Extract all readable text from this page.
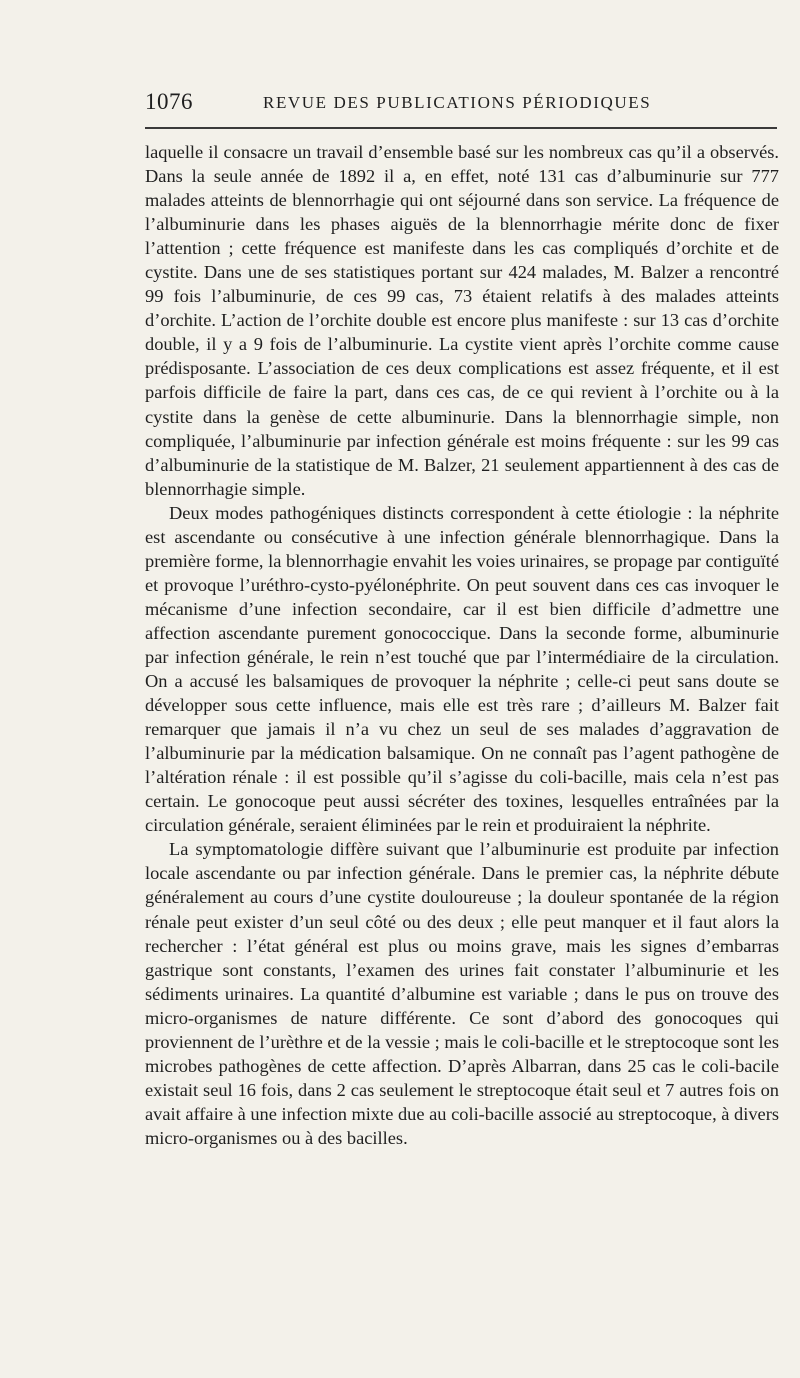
1076	REVUE DES PUBLICATIONS PÉRIODIQUES

laquelle il consacre un travail d’ensemble basé sur les nombreux cas qu’il a observés. Dans la seule année de 1892 il a, en effet, noté 131 cas d’albuminurie sur 777 malades atteints de blennorrhagie qui ont séjourné dans son service. La fréquence de l’albuminurie dans les phases aiguës de la blennorrhagie mérite donc de fixer l’attention ; cette fréquence est manifeste dans les cas compliqués d’orchite et de cystite. Dans une de ses statistiques portant sur 424 malades, M. Balzer a rencontré 99 fois l’albuminurie, de ces 99 cas, 73 étaient relatifs à des malades atteints d’orchite. L’action de l’orchite double est encore plus manifeste : sur 13 cas d’orchite double, il y a 9 fois de l’albuminurie. La cystite vient après l’orchite comme cause prédisposante. L’association de ces deux complications est assez fréquente, et il est parfois difficile de faire la part, dans ces cas, de ce qui revient à l’orchite ou à la cystite dans la genèse de cette albuminurie. Dans la blennorrhagie simple, non compliquée, l’albuminurie par infection générale est moins fréquente : sur les 99 cas d’albuminurie de la statistique de M. Balzer, 21 seulement appartiennent à des cas de blennorrhagie simple.

Deux modes pathogéniques distincts correspondent à cette étiologie : la néphrite est ascendante ou consécutive à une infection générale blennorrhagique. Dans la première forme, la blennorrhagie envahit les voies urinaires, se propage par contiguïté et provoque l’uréthro-cysto-pyélonéphrite. On peut souvent dans ces cas invoquer le mécanisme d’une infection secondaire, car il est bien difficile d’admettre une affection ascendante purement gonococcique. Dans la seconde forme, albuminurie par infection générale, le rein n’est touché que par l’intermédiaire de la circulation. On a accusé les balsamiques de provoquer la néphrite ; celle-ci peut sans doute se développer sous cette influence, mais elle est très rare ; d’ailleurs M. Balzer fait remarquer que jamais il n’a vu chez un seul de ses malades d’aggravation de l’albuminurie par la médication balsamique. On ne connaît pas l’agent pathogène de l’altération rénale : il est possible qu’il s’agisse du coli-bacille, mais cela n’est pas certain. Le gonocoque peut aussi sécréter des toxines, lesquelles entraînées par la circulation générale, seraient éliminées par le rein et produiraient la néphrite.

La symptomatologie diffère suivant que l’albuminurie est produite par infection locale ascendante ou par infection générale. Dans le premier cas, la néphrite débute généralement au cours d’une cystite douloureuse ; la douleur spontanée de la région rénale peut exister d’un seul côté ou des deux ; elle peut manquer et il faut alors la rechercher : l’état général est plus ou moins grave, mais les signes d’embarras gastrique sont constants, l’examen des urines fait constater l’albuminurie et les sédiments urinaires. La quantité d’albumine est variable ; dans le pus on trouve des micro-organismes de nature différente. Ce sont d’abord des gonocoques qui proviennent de l’urèthre et de la vessie ; mais le coli-bacille et le streptocoque sont les microbes pathogènes de cette affection. D’après Albarran, dans 25 cas le coli-bacile existait seul 16 fois, dans 2 cas seulement le streptocoque était seul et 7 autres fois on avait affaire à une infection mixte due au coli-bacille associé au streptocoque, à divers micro-organismes ou à des bacilles.
